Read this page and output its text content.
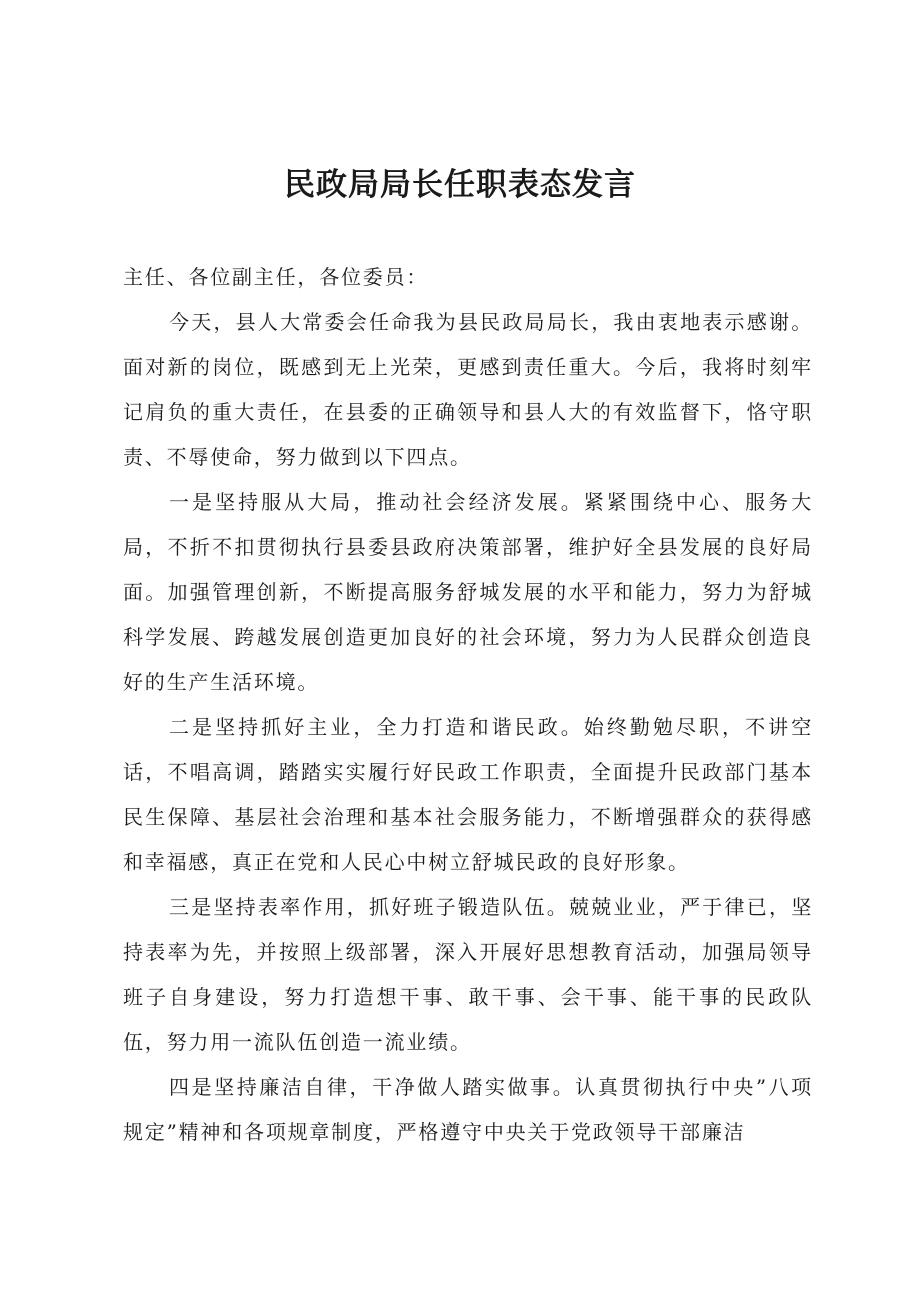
民政局局长任职表态发言

主任、各位副主任，各位委员：

今天，县人大常委会任命我为县民政局局长，我由衷地表示感谢。面对新的岗位，既感到无上光荣，更感到责任重大。今后，我将时刻牢记肩负的重大责任，在县委的正确领导和县人大的有效监督下，恪守职责、不辱使命，努力做到以下四点。

一是坚持服从大局，推动社会经济发展。紧紧围绕中心、服务大局，不折不扣贯彻执行县委县政府决策部署，维护好全县发展的良好局面。加强管理创新，不断提高服务舒城发展的水平和能力，努力为舒城科学发展、跨越发展创造更加良好的社会环境，努力为人民群众创造良好的生产生活环境。

二是坚持抓好主业，全力打造和谐民政。始终勤勉尽职，不讲空话，不唱高调，踏踏实实履行好民政工作职责，全面提升民政部门基本民生保障、基层社会治理和基本社会服务能力，不断增强群众的获得感和幸福感，真正在党和人民心中树立舒城民政的良好形象。

三是坚持表率作用，抓好班子锻造队伍。兢兢业业，严于律已，坚持表率为先，并按照上级部署，深入开展好思想教育活动，加强局领导班子自身建设，努力打造想干事、敢干事、会干事、能干事的民政队伍，努力用一流队伍创造一流业绩。

四是坚持廉洁自律，干净做人踏实做事。认真贯彻执行中央”八项规定”精神和各项规章制度，严格遵守中央关于党政领导干部廉洁
